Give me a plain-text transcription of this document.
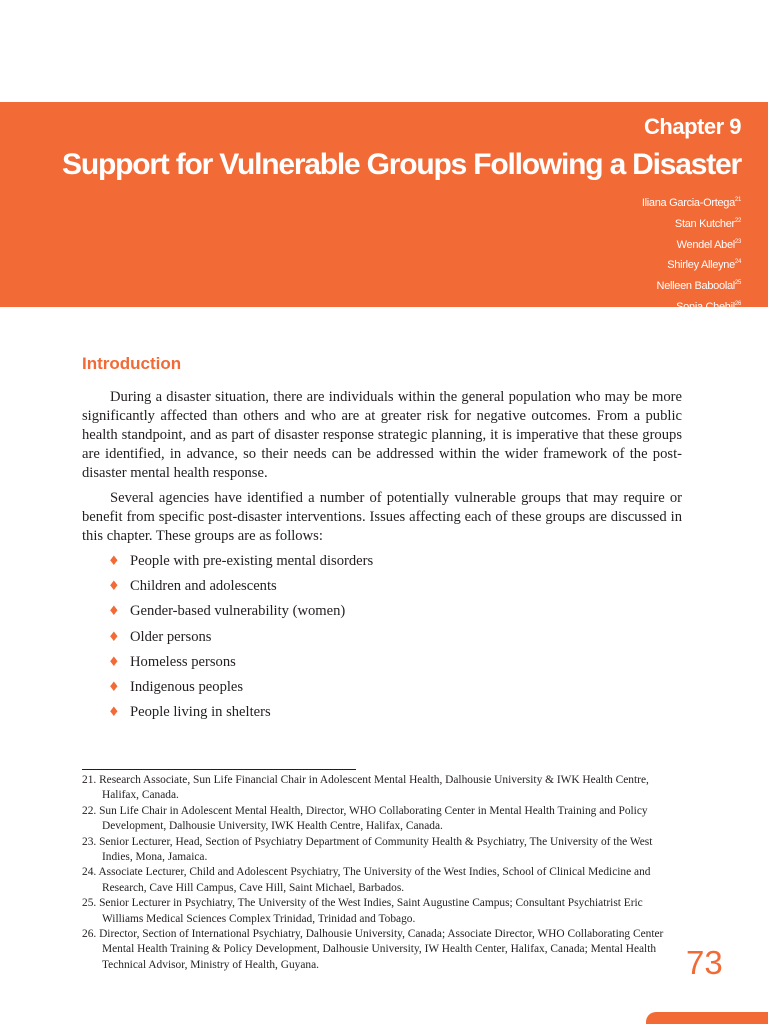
Chapter 9
Support for Vulnerable Groups Following a Disaster
Iliana Garcia-Ortega$^{21}$
Stan Kutcher$^{22}$
Wendel Abel$^{23}$
Shirley Alleyne$^{24}$
Nelleen Baboolal$^{25}$
Sonia Chehil$^{26}$
Introduction

During a disaster situation, there are individuals within the general population who may be more significantly affected than others and who are at greater risk for negative outcomes. From a public health standpoint, and as part of disaster response strategic planning, it is imperative that these groups are identified, in advance, so their needs can be addressed within the wider framework of the post-disaster mental health response.

Several agencies have identified a number of potentially vulnerable groups that may require or benefit from specific post-disaster interventions. Issues affecting each of these groups are discussed in this chapter. These groups are as follows:

♦ People with pre-existing mental disorders
♦ Children and adolescents
♦ Gender-based vulnerability (women)
♦ Older persons
♦ Homeless persons
♦ Indigenous peoples
♦ People living in shelters
21. Research Associate, Sun Life Financial Chair in Adolescent Mental Health, Dalhousie University & IWK Health Centre, Halifax, Canada.
22. Sun Life Chair in Adolescent Mental Health, Director, WHO Collaborating Center in Mental Health Training and Policy Development, Dalhousie University, IWK Health Centre, Halifax, Canada.
23. Senior Lecturer, Head, Section of Psychiatry Department of Community Health & Psychiatry, The University of the West Indies, Mona, Jamaica.
24. Associate Lecturer, Child and Adolescent Psychiatry, The University of the West Indies, School of Clinical Medicine and Research, Cave Hill Campus, Cave Hill, Saint Michael, Barbados.
25. Senior Lecturer in Psychiatry, The University of the West Indies, Saint Augustine Campus; Consultant Psychiatrist Eric Williams Medical Sciences Complex Trinidad, Trinidad and Tobago.
26. Director, Section of International Psychiatry, Dalhousie University, Canada; Associate Director, WHO Collaborating Center Mental Health Training & Policy Development, Dalhousie University, IW Health Center, Halifax, Canada; Mental Health Technical Advisor, Ministry of Health, Guyana.	73
